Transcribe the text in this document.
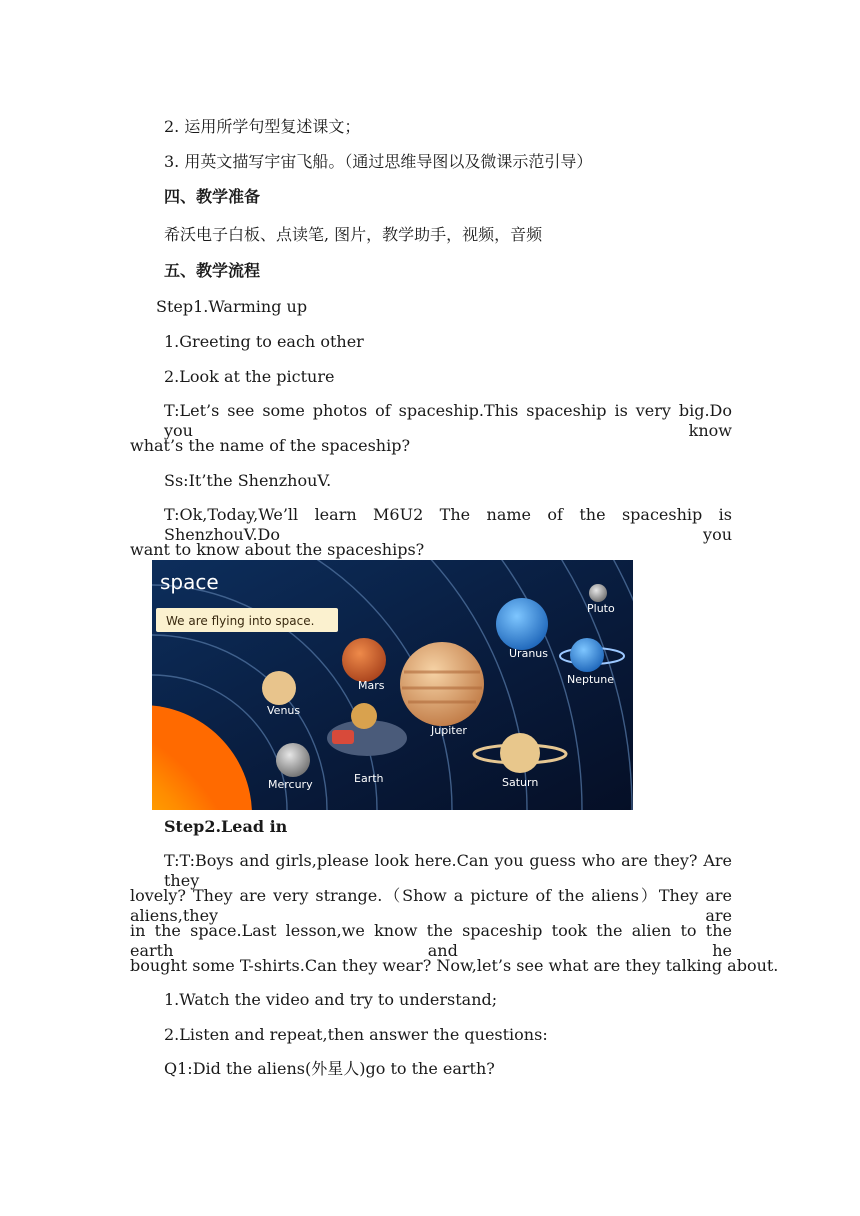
2. 运用所学句型复述课文；
3. 用英文描写宇宙飞船。（通过思维导图以及微课示范引导）
四、教学准备
希沃电子白板、点读笔, 图片，教学助手，视频，音频
五、教学流程
Step1.Warming up
1.Greeting to each other
2.Look at the picture
T:Let’s see some photos of spaceship.This spaceship is very big.Do you know
what’s the name of the spaceship?
Ss:It’the ShenzhouV.
T:Ok,Today,We’ll learn M6U2 The name of the spaceship is ShenzhouV.Do you
want to know about the spaceships?
space
We are flying into space.
Pluto
Uranus
Neptune
Mars
Jupiter
Venus
Earth
Mercury	Saturn
Step2.Lead in
T:T:Boys and girls,please look here.Can you guess who are they? Are they
lovely? They are very strange.（Show a picture of the aliens）They are aliens,they are
in the space.Last lesson,we know the spaceship took the alien to the earth and he
bought some T-shirts.Can they wear? Now,let’s see what are they talking about.
1.Watch the video and try to understand;
2.Listen and repeat,then answer the questions:
Q1:Did the aliens(外星人)go to the earth?
